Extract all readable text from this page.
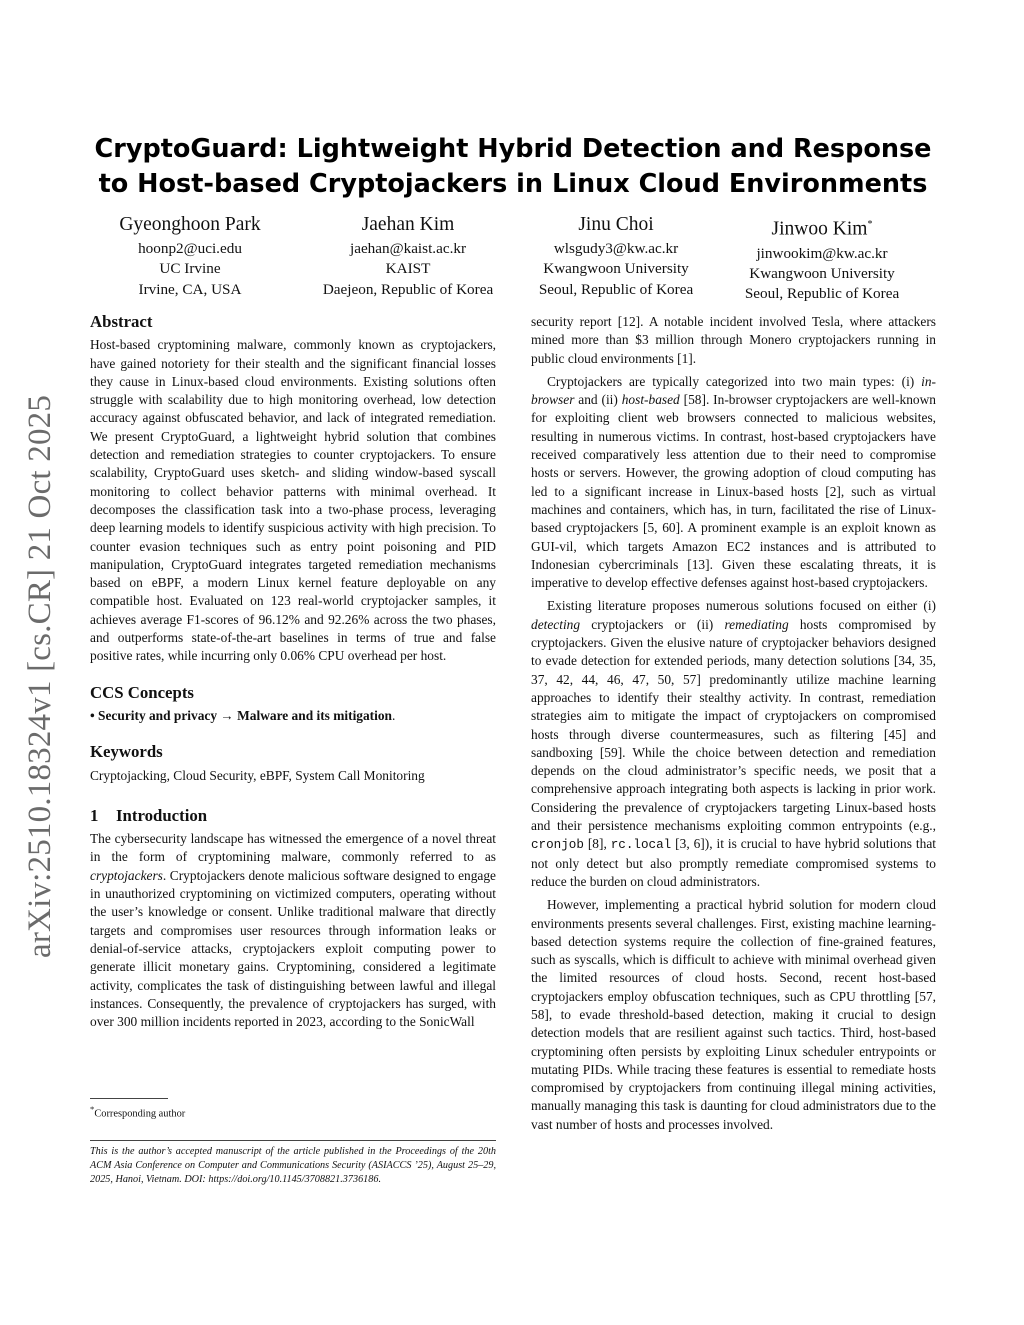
arXiv:2510.18324v1 [cs.CR] 21 Oct 2025
CryptoGuard: Lightweight Hybrid Detection and Response to Host-based Cryptojackers in Linux Cloud Environments
Gyeonghoon Park
hoonp2@uci.edu
UC Irvine
Irvine, CA, USA
Jaehan Kim
jaehan@kaist.ac.kr
KAIST
Daejeon, Republic of Korea
Jinu Choi
wlsgudy3@kw.ac.kr
Kwangwoon University
Seoul, Republic of Korea
Jinwoo Kim*
jinwookim@kw.ac.kr
Kwangwoon University
Seoul, Republic of Korea
Abstract

Host-based cryptomining malware, commonly known as cryptojackers, have gained notoriety for their stealth and the significant financial losses they cause in Linux-based cloud environments. Existing solutions often struggle with scalability due to high monitoring overhead, low detection accuracy against obfuscated behavior, and lack of integrated remediation. We present CryptoGuard, a lightweight hybrid solution that combines detection and remediation strategies to counter cryptojackers. To ensure scalability, CryptoGuard uses sketch- and sliding window-based syscall monitoring to collect behavior patterns with minimal overhead. It decomposes the classification task into a two-phase process, leveraging deep learning models to identify suspicious activity with high precision. To counter evasion techniques such as entry point poisoning and PID manipulation, CryptoGuard integrates targeted remediation mechanisms based on eBPF, a modern Linux kernel feature deployable on any compatible host. Evaluated on 123 real-world cryptojacker samples, it achieves average F1-scores of 96.12% and 92.26% across the two phases, and outperforms state-of-the-art baselines in terms of true and false positive rates, while incurring only 0.06% CPU overhead per host.

CCS Concepts
• Security and privacy → Malware and its mitigation.
Keywords

Cryptojacking, Cloud Security, eBPF, System Call Monitoring

1 Introduction

The cybersecurity landscape has witnessed the emergence of a novel threat in the form of cryptomining malware, commonly referred to as cryptojackers. Cryptojackers denote malicious software designed to engage in unauthorized cryptomining on victimized computers, operating without the user’s knowledge or consent. Unlike traditional malware that directly targets and compromises user resources through information leaks or denial-of-service attacks, cryptojackers exploit computing power to generate illicit monetary gains. Cryptomining, considered a legitimate activity, complicates the task of distinguishing between lawful and illegal instances. Consequently, the prevalence of cryptojackers has surged, with over 300 million incidents reported in 2023, according to the SonicWall

*Corresponding author
This is the author’s accepted manuscript of the article published in the Proceedings of the 20th ACM Asia Conference on Computer and Communications Security (ASIACCS ’25), August 25–29, 2025, Hanoi, Vietnam. DOI: https://doi.org/10.1145/3708821.3736186.

security report [12]. A notable incident involved Tesla, where attackers mined more than $3 million through Monero cryptojackers running in public cloud environments [1].

Cryptojackers are typically categorized into two main types: (i) in-browser and (ii) host-based [58]. In-browser cryptojackers are well-known for exploiting client web browsers connected to malicious websites, resulting in numerous victims. In contrast, host-based cryptojackers have received comparatively less attention due to their need to compromise hosts or servers. However, the growing adoption of cloud computing has led to a significant increase in Linux-based hosts [2], such as virtual machines and containers, which has, in turn, facilitated the rise of Linux-based cryptojackers [5, 60]. A prominent example is an exploit known as GUI-vil, which targets Amazon EC2 instances and is attributed to Indonesian cybercriminals [13]. Given these escalating threats, it is imperative to develop effective defenses against host-based cryptojackers.

Existing literature proposes numerous solutions focused on either (i) detecting cryptojackers or (ii) remediating hosts compromised by cryptojackers. Given the elusive nature of cryptojacker behaviors designed to evade detection for extended periods, many detection solutions [34, 35, 37, 42, 44, 46, 47, 50, 57] predominantly utilize machine learning approaches to identify their stealthy activity. In contrast, remediation strategies aim to mitigate the impact of cryptojackers on compromised hosts through diverse countermeasures, such as filtering [45] and sandboxing [59]. While the choice between detection and remediation depends on the cloud administrator’s specific needs, we posit that a comprehensive approach integrating both aspects is lacking in prior work. Considering the prevalence of cryptojackers targeting Linux-based hosts and their persistence mechanisms exploiting common entrypoints (e.g., cronjob [8], rc.local [3, 6]), it is crucial to have hybrid solutions that not only detect but also promptly remediate compromised systems to reduce the burden on cloud administrators.

However, implementing a practical hybrid solution for modern cloud environments presents several challenges. First, existing machine learning-based detection systems require the collection of fine-grained features, such as syscalls, which is difficult to achieve with minimal overhead given the limited resources of cloud hosts. Second, recent host-based cryptojackers employ obfuscation techniques, such as CPU throttling [57, 58], to evade threshold-based detection, making it crucial to design detection models that are resilient against such tactics. Third, host-based cryptomining often persists by exploiting Linux scheduler entrypoints or mutating PIDs. While tracing these features is essential to remediate hosts compromised by cryptojackers from continuing illegal mining activities, manually managing this task is daunting for cloud administrators due to the vast number of hosts and processes involved.
